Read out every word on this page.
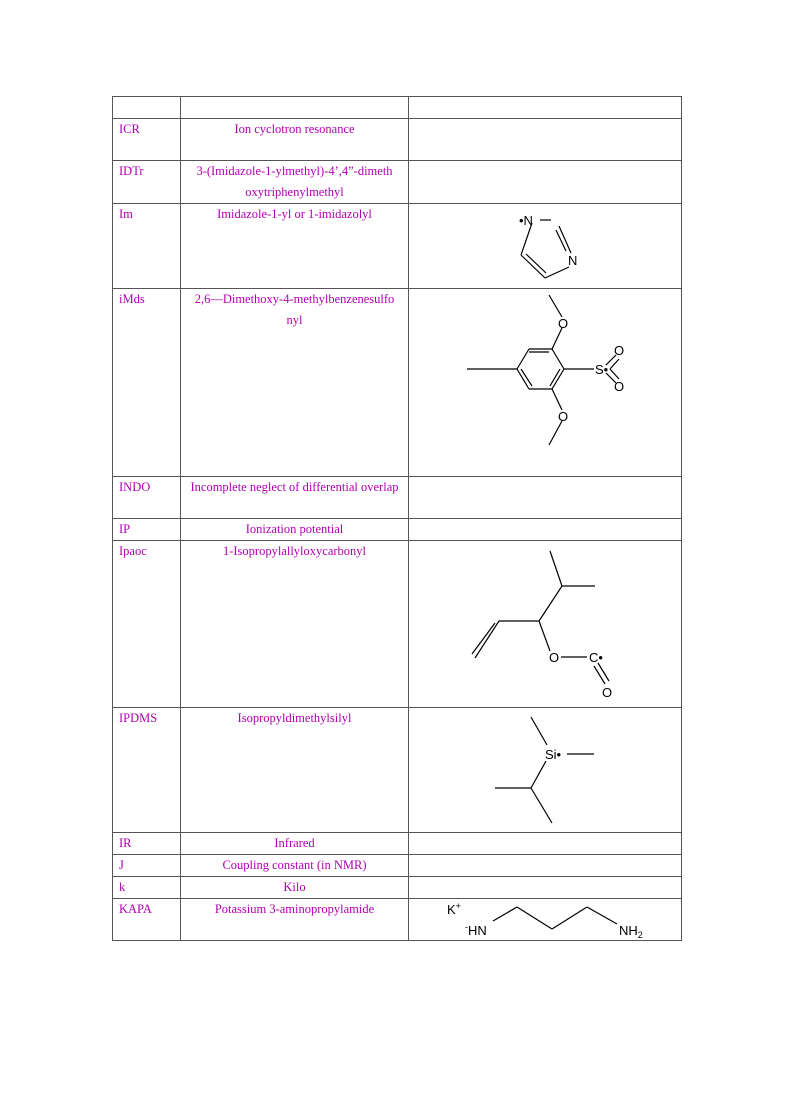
ICR	Ion cyclotron resonance	
IDTr	3-(Imidazole-1-ylmethyl)-4’,4”-dimeth oxytriphenylmethyl	
Im	Imidazole-1-yl or 1-imidazolyl	•N
N

iMds	2,6—Dimethoxy-4-methylbenzenesulfo nyl	O
O
S•
O
O

INDO	Incomplete neglect of differential overlap	
IP	Ionization potential	
Ipaoc	1-Isopropylallyloxycarbonyl	O C•
O

IPDMS	Isopropyldimethylsilyl	Si•

IR	Infrared	
J	Coupling constant (in NMR)	
k	Kilo	
KAPA	Potassium 3-aminopropylamide	K+
-HN $NH_2$
